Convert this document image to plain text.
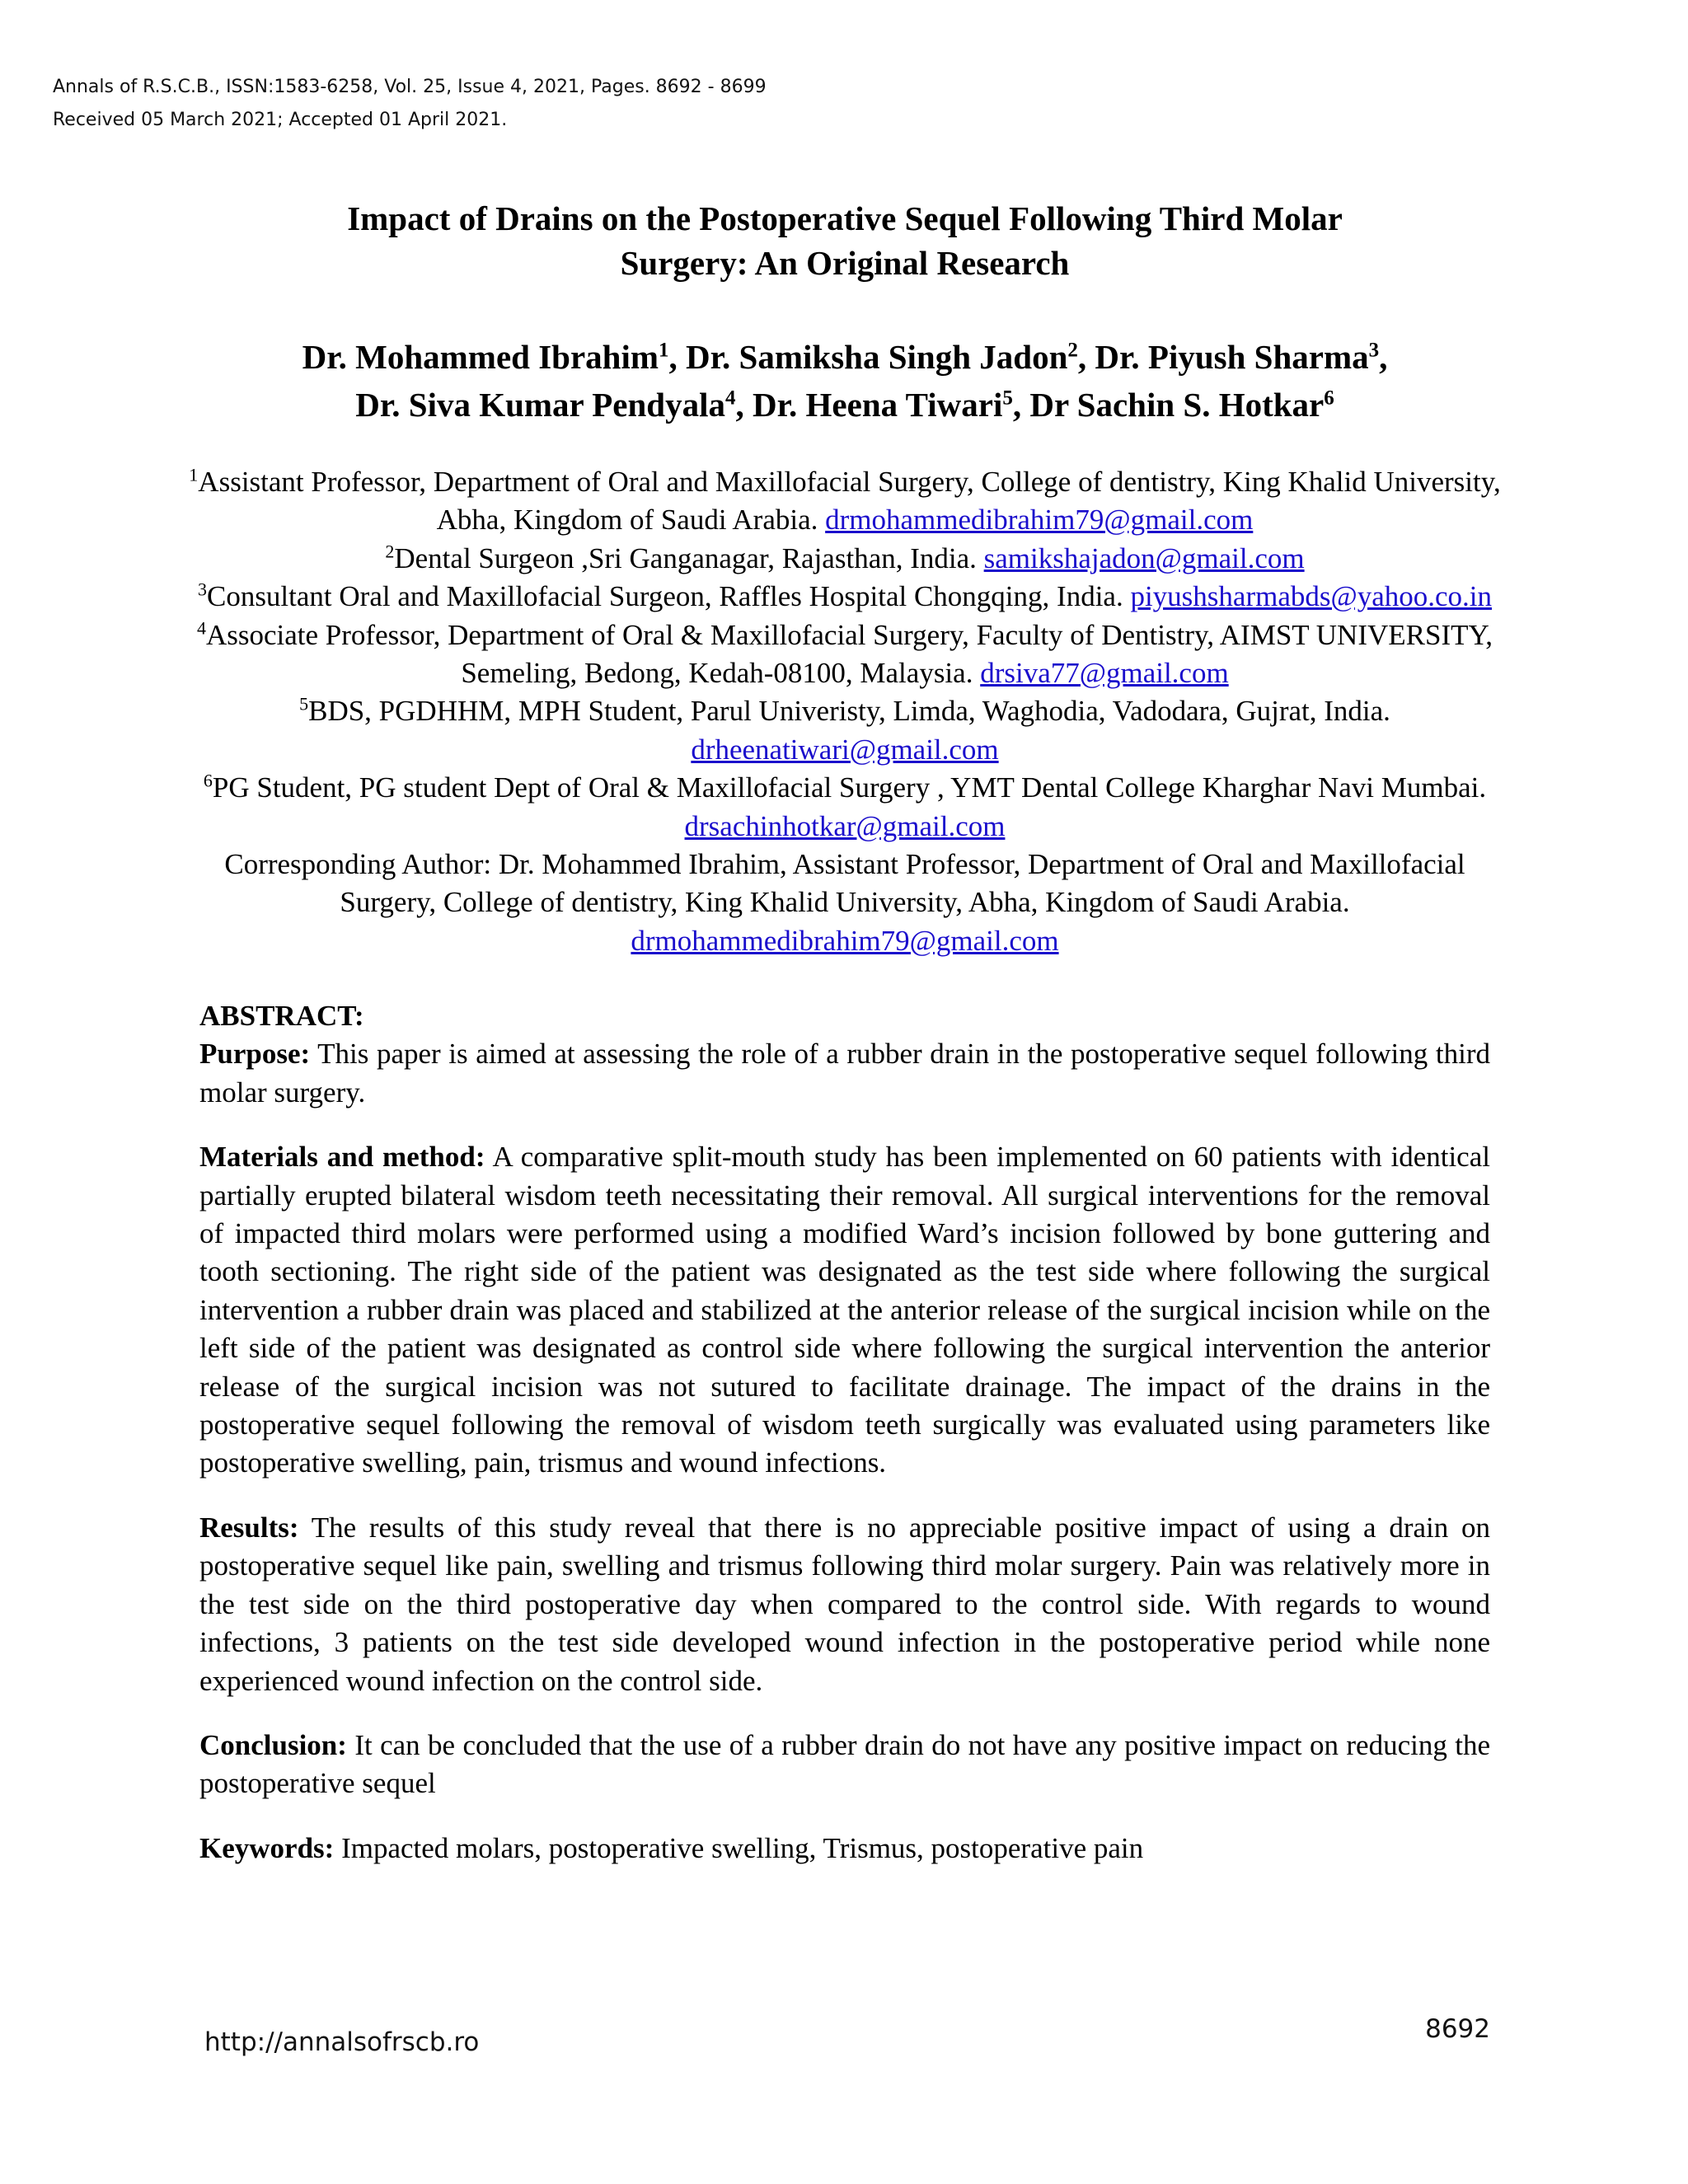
Annals of R.S.C.B., ISSN:1583-6258, Vol. 25, Issue 4, 2021, Pages. 8692 - 8699
Received 05 March 2021; Accepted 01 April 2021.
Impact of Drains on the Postoperative Sequel Following Third Molar
Surgery: An Original Research
Dr. Mohammed Ibrahim$^1$, Dr. Samiksha Singh Jadon$^2$, Dr. Piyush Sharma$^3$,
Dr. Siva Kumar Pendyala$^4$, Dr. Heena Tiwari$^5$, Dr Sachin S. Hotkar$^6$
$^1$Assistant Professor, Department of Oral and Maxillofacial Surgery, College of dentistry, King Khalid University, Abha, Kingdom of Saudi Arabia. drmohammedibrahim79@gmail.com
$^2$Dental Surgeon ,Sri Ganganagar, Rajasthan, India. samikshajadon@gmail.com
$^3$Consultant Oral and Maxillofacial Surgeon, Raffles Hospital Chongqing, India. piyushsharmabds@yahoo.co.in
$^4$Associate Professor, Department of Oral & Maxillofacial Surgery, Faculty of Dentistry, AIMST UNIVERSITY, Semeling, Bedong, Kedah-08100, Malaysia. drsiva77@gmail.com
$^5$BDS, PGDHHM, MPH Student, Parul Univeristy, Limda, Waghodia, Vadodara, Gujrat, India. drheenatiwari@gmail.com
$^6$PG Student, PG student Dept of Oral & Maxillofacial Surgery , YMT Dental College Kharghar Navi Mumbai. drsachinhotkar@gmail.com
Corresponding Author: Dr. Mohammed Ibrahim, Assistant Professor, Department of Oral and Maxillofacial Surgery, College of dentistry, King Khalid University, Abha, Kingdom of Saudi Arabia. drmohammedibrahim79@gmail.com
ABSTRACT:

Purpose: This paper is aimed at assessing the role of a rubber drain in the postoperative sequel following third molar surgery.

Materials and method: A comparative split-mouth study has been implemented on 60 patients with identical partially erupted bilateral wisdom teeth necessitating their removal. All surgical interventions for the removal of impacted third molars were performed using a modified Ward’s incision followed by bone guttering and tooth sectioning. The right side of the patient was designated as the test side where following the surgical intervention a rubber drain was placed and stabilized at the anterior release of the surgical incision while on the left side of the patient was designated as control side where following the surgical intervention the anterior release of the surgical incision was not sutured to facilitate drainage. The impact of the drains in the postoperative sequel following the removal of wisdom teeth surgically was evaluated using parameters like postoperative swelling, pain, trismus and wound infections.

Results: The results of this study reveal that there is no appreciable positive impact of using a drain on postoperative sequel like pain, swelling and trismus following third molar surgery. Pain was relatively more in the test side on the third postoperative day when compared to the control side. With regards to wound infections, 3 patients on the test side developed wound infection in the postoperative period while none experienced wound infection on the control side.

Conclusion: It can be concluded that the use of a rubber drain do not have any positive impact on reducing the postoperative sequel

Keywords: Impacted molars, postoperative swelling, Trismus, postoperative pain

http://annalsofrscb.ro	8692
